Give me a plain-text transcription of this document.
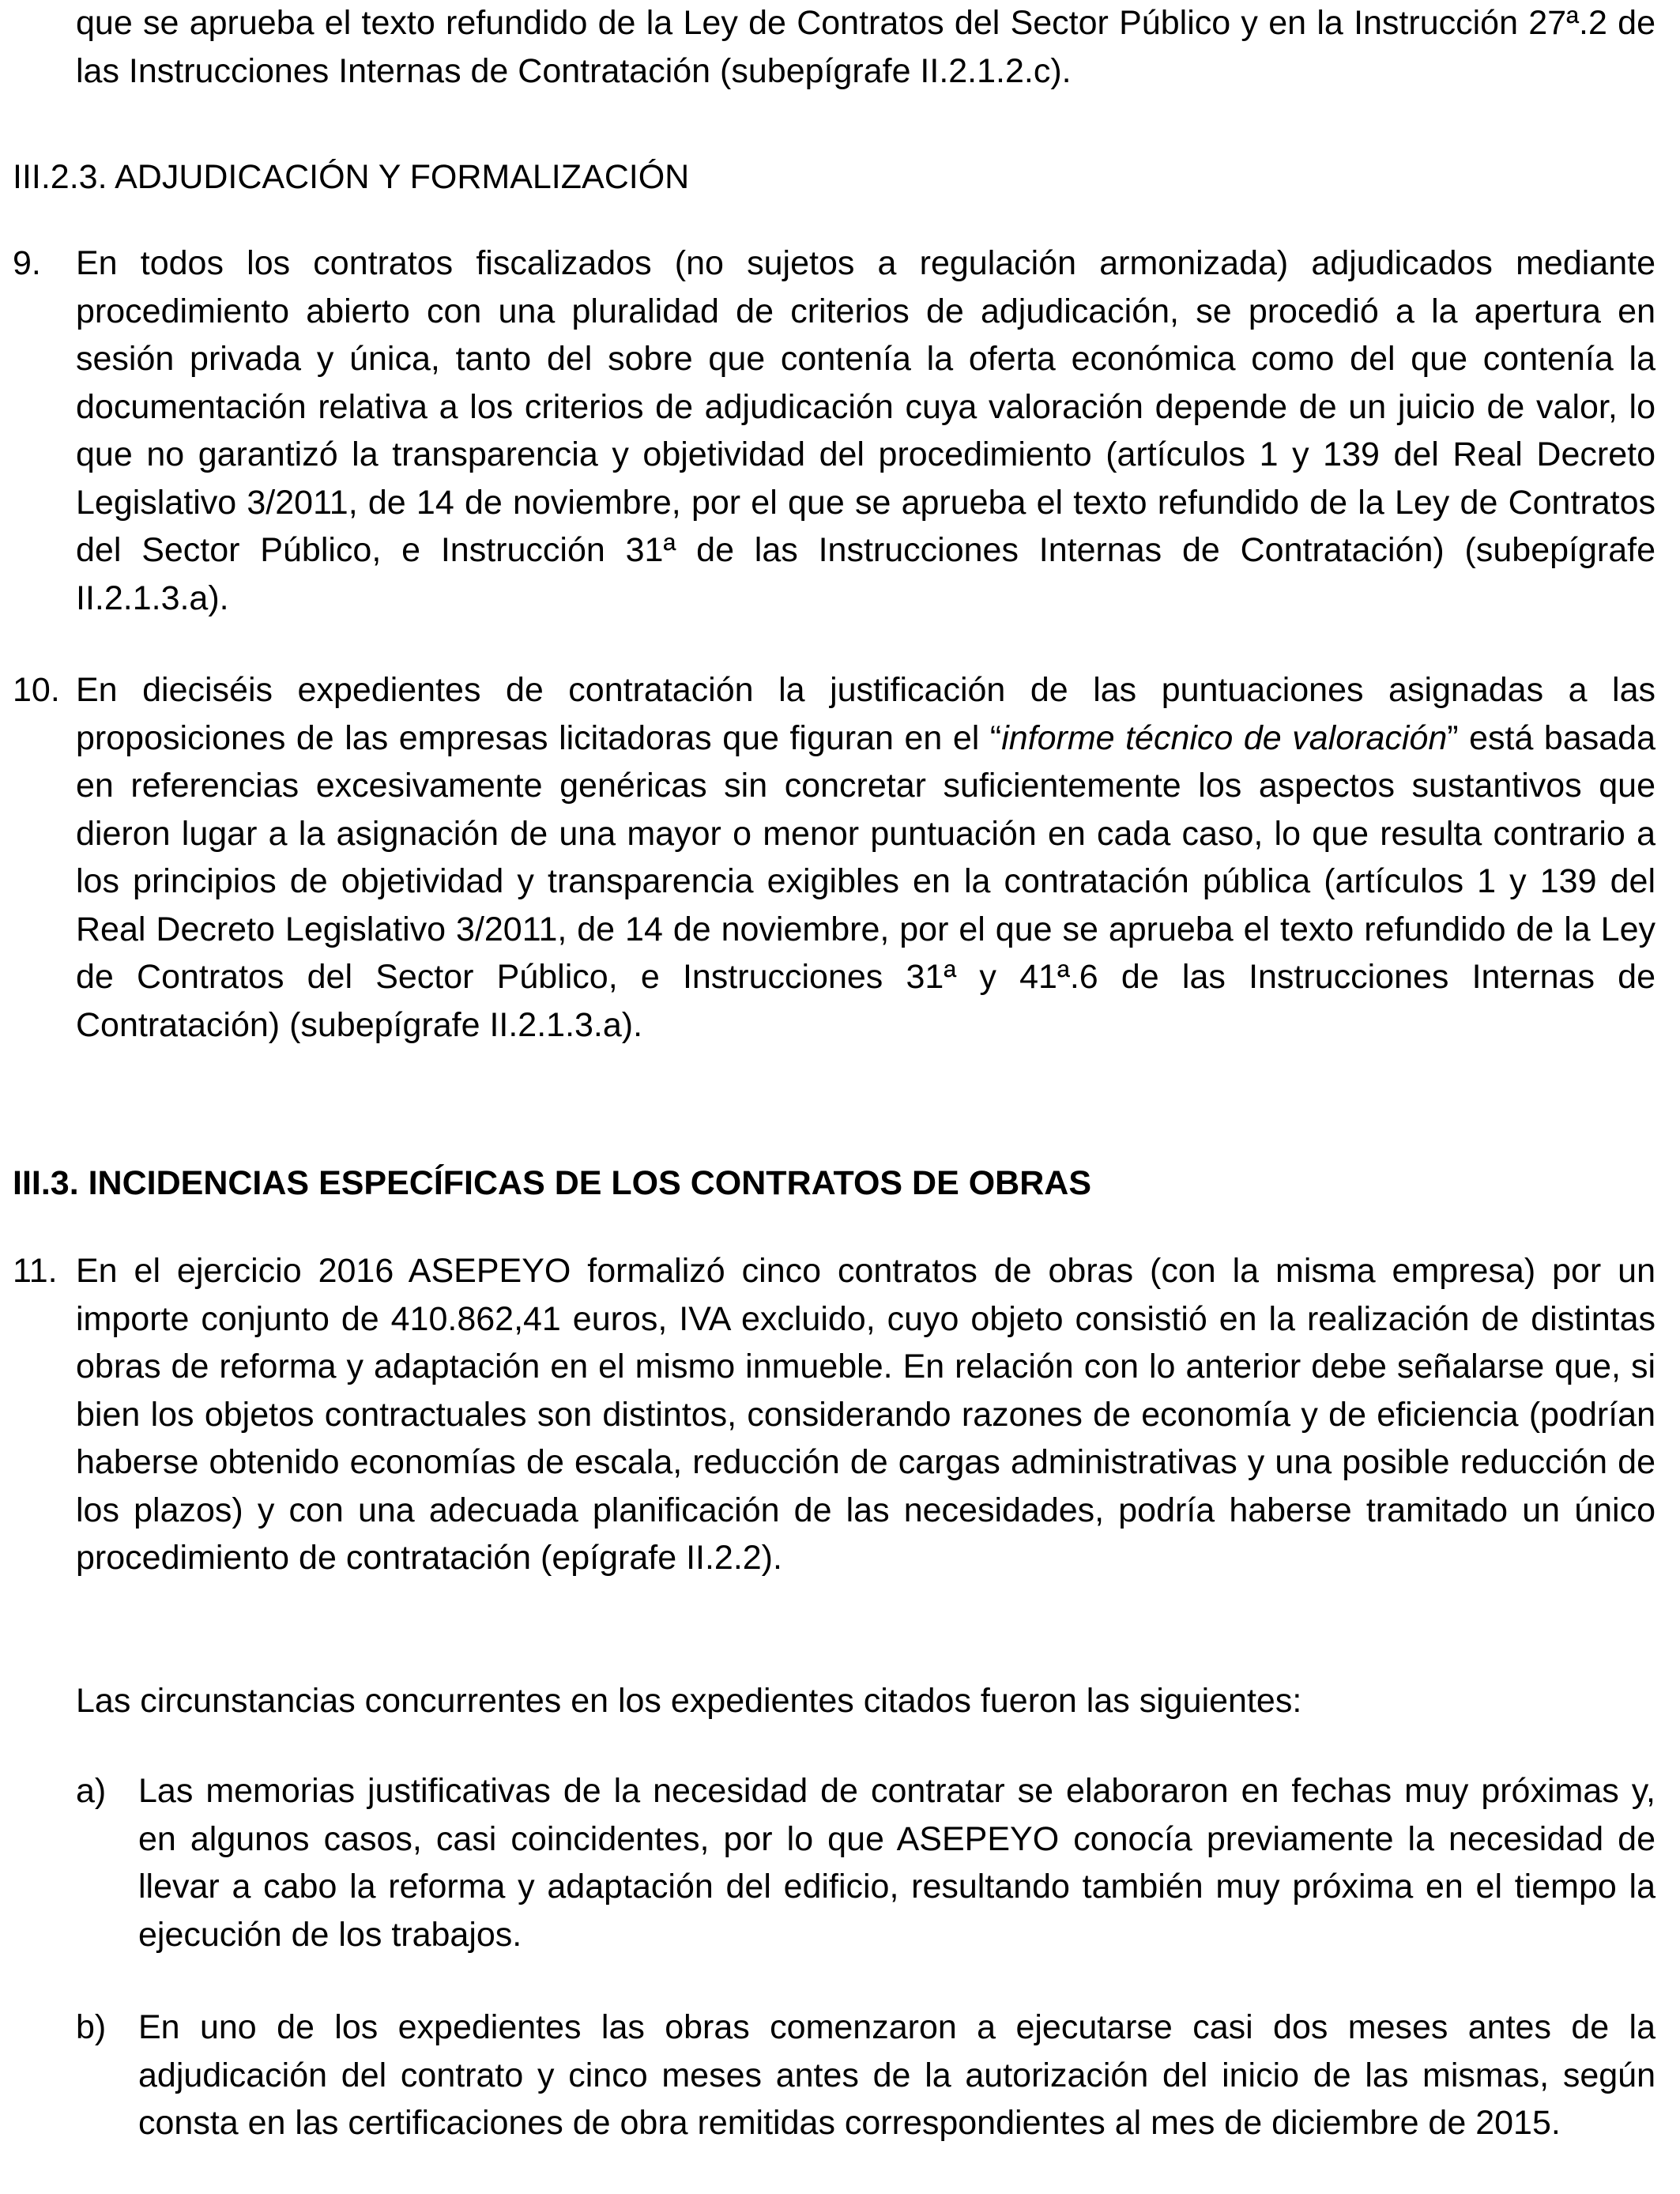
que se aprueba el texto refundido de la Ley de Contratos del Sector Público y en la Instrucción 27ª.2 de las Instrucciones Internas de Contratación (subepígrafe II.2.1.2.c).

III.2.3. ADJUDICACIÓN Y FORMALIZACIÓN

9. En todos los contratos fiscalizados (no sujetos a regulación armonizada) adjudicados mediante procedimiento abierto con una pluralidad de criterios de adjudicación, se procedió a la apertura en sesión privada y única, tanto del sobre que contenía la oferta económica como del que contenía la documentación relativa a los criterios de adjudicación cuya valoración depende de un juicio de valor, lo que no garantizó la transparencia y objetividad del procedimiento (artículos 1 y 139 del Real Decreto Legislativo 3/2011, de 14 de noviembre, por el que se aprueba el texto refundido de la Ley de Contratos del Sector Público, e Instrucción 31ª de las Instrucciones Internas de Contratación) (subepígrafe II.2.1.3.a).

10. En dieciséis expedientes de contratación la justificación de las puntuaciones asignadas a las proposiciones de las empresas licitadoras que figuran en el “informe técnico de valoración” está basada en referencias excesivamente genéricas sin concretar suficientemente los aspectos sustantivos que dieron lugar a la asignación de una mayor o menor puntuación en cada caso, lo que resulta contrario a los principios de objetividad y transparencia exigibles en la contratación pública (artículos 1 y 139 del Real Decreto Legislativo 3/2011, de 14 de noviembre, por el que se aprueba el texto refundido de la Ley de Contratos del Sector Público, e Instrucciones 31ª y 41ª.6 de las Instrucciones Internas de Contratación) (subepígrafe II.2.1.3.a).

III.3. INCIDENCIAS ESPECÍFICAS DE LOS CONTRATOS DE OBRAS

11. En el ejercicio 2016 ASEPEYO formalizó cinco contratos de obras (con la misma empresa) por un importe conjunto de 410.862,41 euros, IVA excluido, cuyo objeto consistió en la realización de distintas obras de reforma y adaptación en el mismo inmueble. En relación con lo anterior debe señalarse que, si bien los objetos contractuales son distintos, considerando razones de economía y de eficiencia (podrían haberse obtenido economías de escala, reducción de cargas administrativas y una posible reducción de los plazos) y con una adecuada planificación de las necesidades, podría haberse tramitado un único procedimiento de contratación (epígrafe II.2.2).

Las circunstancias concurrentes en los expedientes citados fueron las siguientes:

a) Las memorias justificativas de la necesidad de contratar se elaboraron en fechas muy próximas y, en algunos casos, casi coincidentes, por lo que ASEPEYO conocía previamente la necesidad de llevar a cabo la reforma y adaptación del edificio, resultando también muy próxima en el tiempo la ejecución de los trabajos.

b) En uno de los expedientes las obras comenzaron a ejecutarse casi dos meses antes de la adjudicación del contrato y cinco meses antes de la autorización del inicio de las mismas, según consta en las certificaciones de obra remitidas correspondientes al mes de diciembre de 2015.
